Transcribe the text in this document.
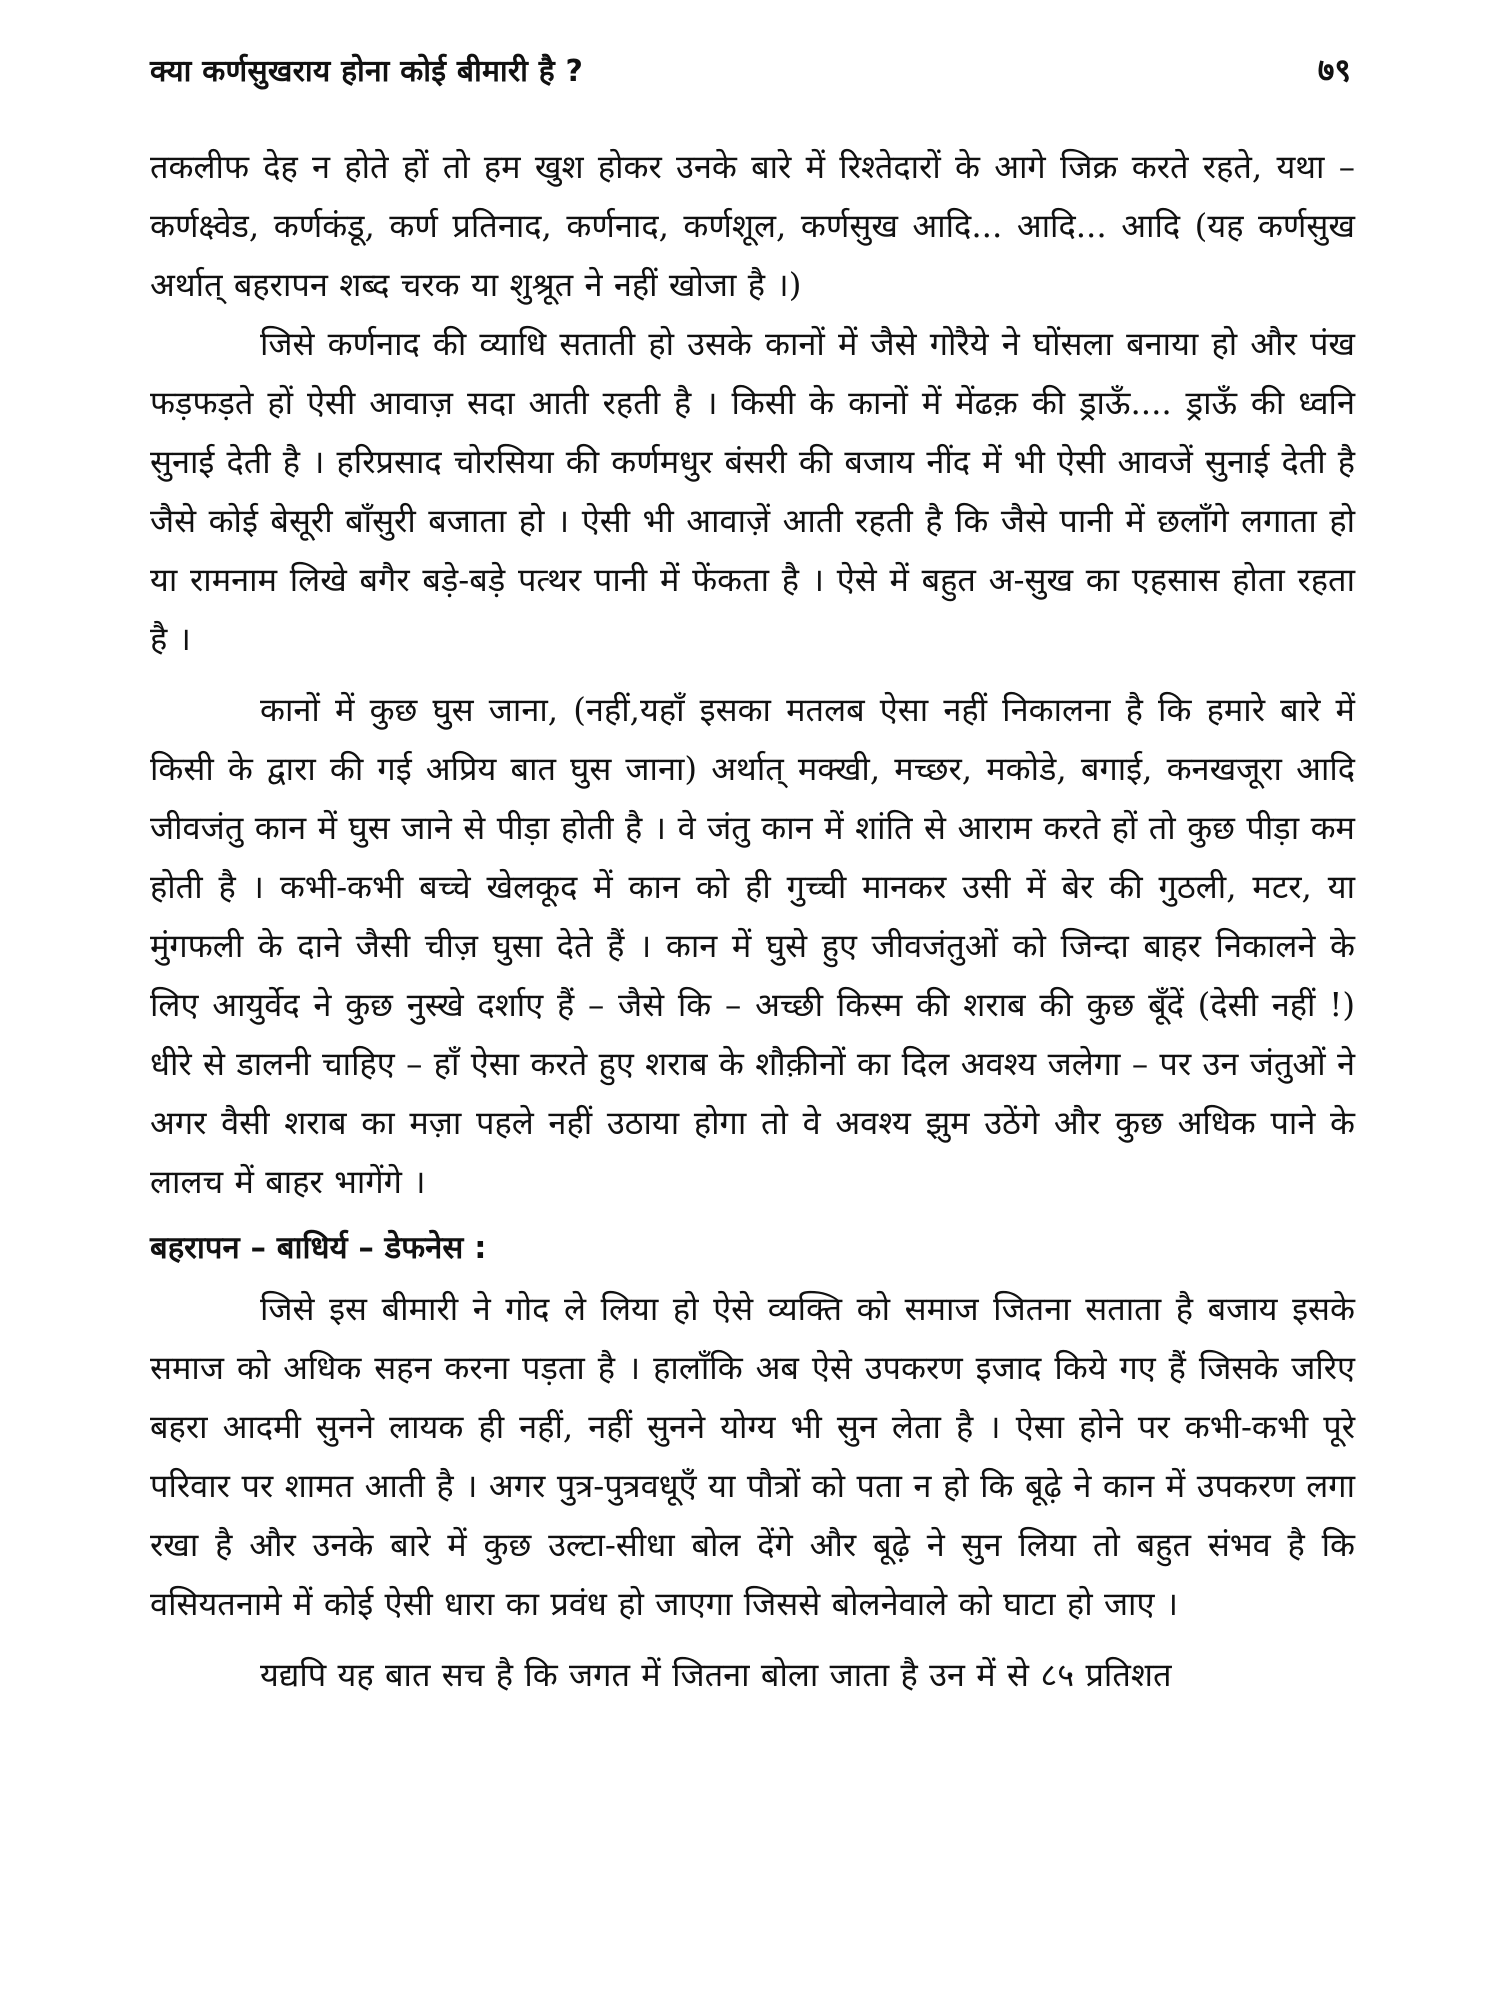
क्या कर्णसुखराय होना कोई बीमारी है ?	७९

तकलीफ देह न होते हों तो हम खुश होकर उनके बारे में रिश्तेदारों के आगे जिक्र करते रहते, यथा – कर्णक्ष्वेड, कर्णकंडू, कर्ण प्रतिनाद, कर्णनाद, कर्णशूल, कर्णसुख आदि... आदि... आदि (यह कर्णसुख अर्थात् बहरापन शब्द चरक या शुश्रूत ने नहीं खोजा है ।)

जिसे कर्णनाद की व्याधि सताती हो उसके कानों में जैसे गोरैये ने घोंसला बनाया हो और पंख फड़फड़ते हों ऐसी आवाज़ सदा आती रहती है । किसी के कानों में मेंढक़ की ड्राऊँ.... ड्राऊँ की ध्वनि सुनाई देती है । हरिप्रसाद चोरसिया की कर्णमधुर बंसरी की बजाय नींद में भी ऐसी आवजें सुनाई देती है जैसे कोई बेसूरी बाँसुरी बजाता हो । ऐसी भी आवाज़ें आती रहती है कि जैसे पानी में छलाँगे लगाता हो या रामनाम लिखे बगैर बड़े-बड़े पत्थर पानी में फेंकता है । ऐसे में बहुत अ-सुख का एहसास होता रहता है ।

कानों में कुछ घुस जाना, (नहीं,यहाँ इसका मतलब ऐसा नहीं निकालना है कि हमारे बारे में किसी के द्वारा की गई अप्रिय बात घुस जाना) अर्थात् मक्खी, मच्छर, मकोडे, बगाई, कनखजूरा आदि जीवजंतु कान में घुस जाने से पीड़ा होती है । वे जंतु कान में शांति से आराम करते हों तो कुछ पीड़ा कम होती है । कभी-कभी बच्चे खेलकूद में कान को ही गुच्ची मानकर उसी में बेर की गुठली, मटर, या मुंगफली के दाने जैसी चीज़ घुसा देते हैं । कान में घुसे हुए जीवजंतुओं को जिन्दा बाहर निकालने के लिए आयुर्वेद ने कुछ नुस्खे दर्शाए हैं – जैसे कि – अच्छी किस्म की शराब की कुछ बूँदें (देसी नहीं !) धीरे से डालनी चाहिए – हाँ ऐसा करते हुए शराब के शौक़ीनों का दिल अवश्य जलेगा – पर उन जंतुओं ने अगर वैसी शराब का मज़ा पहले नहीं उठाया होगा तो वे अवश्य झुम उठेंगे और कुछ अधिक पाने के लालच में बाहर भागेंगे ।

बहरापन – बाधिर्य – डेफनेस :

जिसे इस बीमारी ने गोद ले लिया हो ऐसे व्यक्ति को समाज जितना सताता है बजाय इसके समाज को अधिक सहन करना पड़ता है । हालाँकि अब ऐसे उपकरण इजाद किये गए हैं जिसके जरिए बहरा आदमी सुनने लायक ही नहीं, नहीं सुनने योग्य भी सुन लेता है । ऐसा होने पर कभी-कभी पूरे परिवार पर शामत आती है । अगर पुत्र-पुत्रवधूएँ या पौत्रों को पता न हो कि बूढ़े ने कान में उपकरण लगा रखा है और उनके बारे में कुछ उल्टा-सीधा बोल देंगे और बूढ़े ने सुन लिया तो बहुत संभव है कि वसियतनामे में कोई ऐसी धारा का प्रवंध हो जाएगा जिससे बोलनेवाले को घाटा हो जाए ।

यद्यपि यह बात सच है कि जगत में जितना बोला जाता है उन में से ८५ प्रतिशत
